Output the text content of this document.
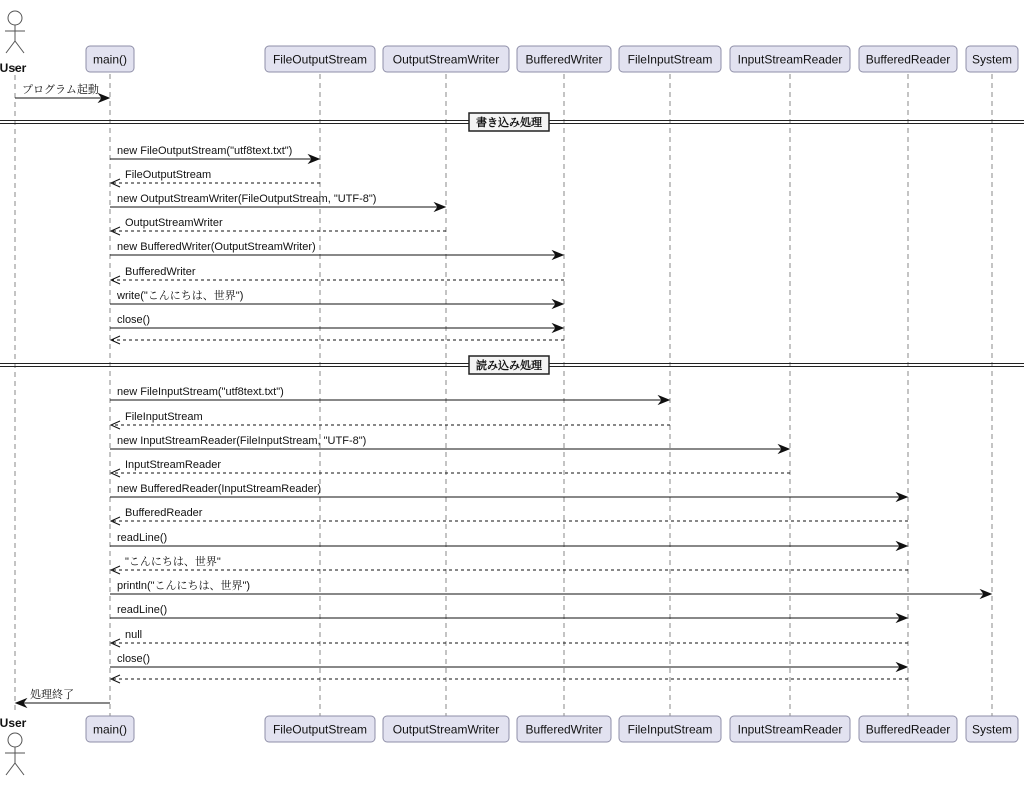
User
main()	FileOutputStream OutputStreamWriter BufferedWriter FileInputStream InputStreamReader BufferedReader System
User	main()	FileOutputStream OutputStreamWriter BufferedWriter FileInputStream InputStreamReader BufferedReader System
プログラム起動
書き込み処理
new FileOutputStream("utf8text.txt")
FileOutputStream
new OutputStreamWriter(FileOutputStream, "UTF-8")
OutputStreamWriter
new BufferedWriter(OutputStreamWriter)
BufferedWriter
write("こんにちは、世界")
close()
読み込み処理
new FileInputStream("utf8text.txt")
FileInputStream
new InputStreamReader(FileInputStream, "UTF-8")
InputStreamReader
new BufferedReader(InputStreamReader)
BufferedReader
readLine()
"こんにちは、世界"
println("こんにちは、世界")
readLine()
null
close()
処理終了
